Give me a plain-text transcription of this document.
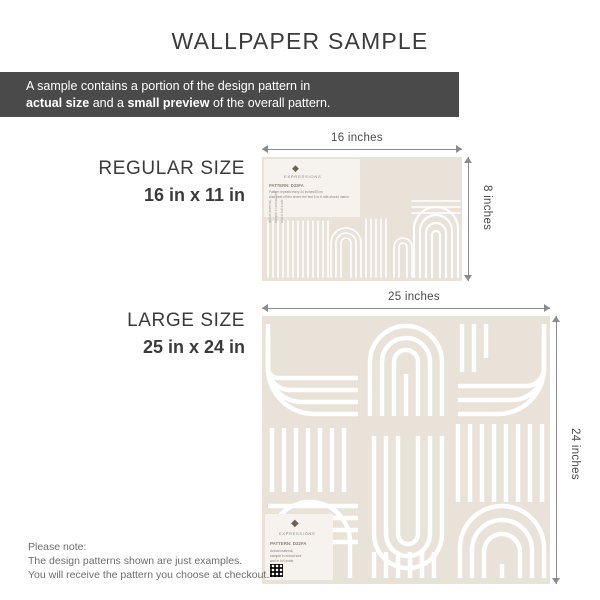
WALLPAPER SAMPLE
A sample contains a portion of the design pattern in
actual size and a small preview of the overall pattern.
REGULAR SIZE
16 in x 11 in
16 inches
8 inches
◆
EXPRESSIONS
PATTERN: D32FA
Pattern repeats every 24 inches/57cm
Also peel-off the sheet, the first 5 or 6 rolls should match.
Actual material, sample in actual size and in full scale.
LARGE SIZE
25 in x 24 in
25 inches
24 inches
◆
EXPRESSIONS
PATTERN: D32FA
Actual material,
sample in actual size
and in full scale.
Please note:
The design patterns shown are just examples.
You will receive the pattern you choose at checkout.
